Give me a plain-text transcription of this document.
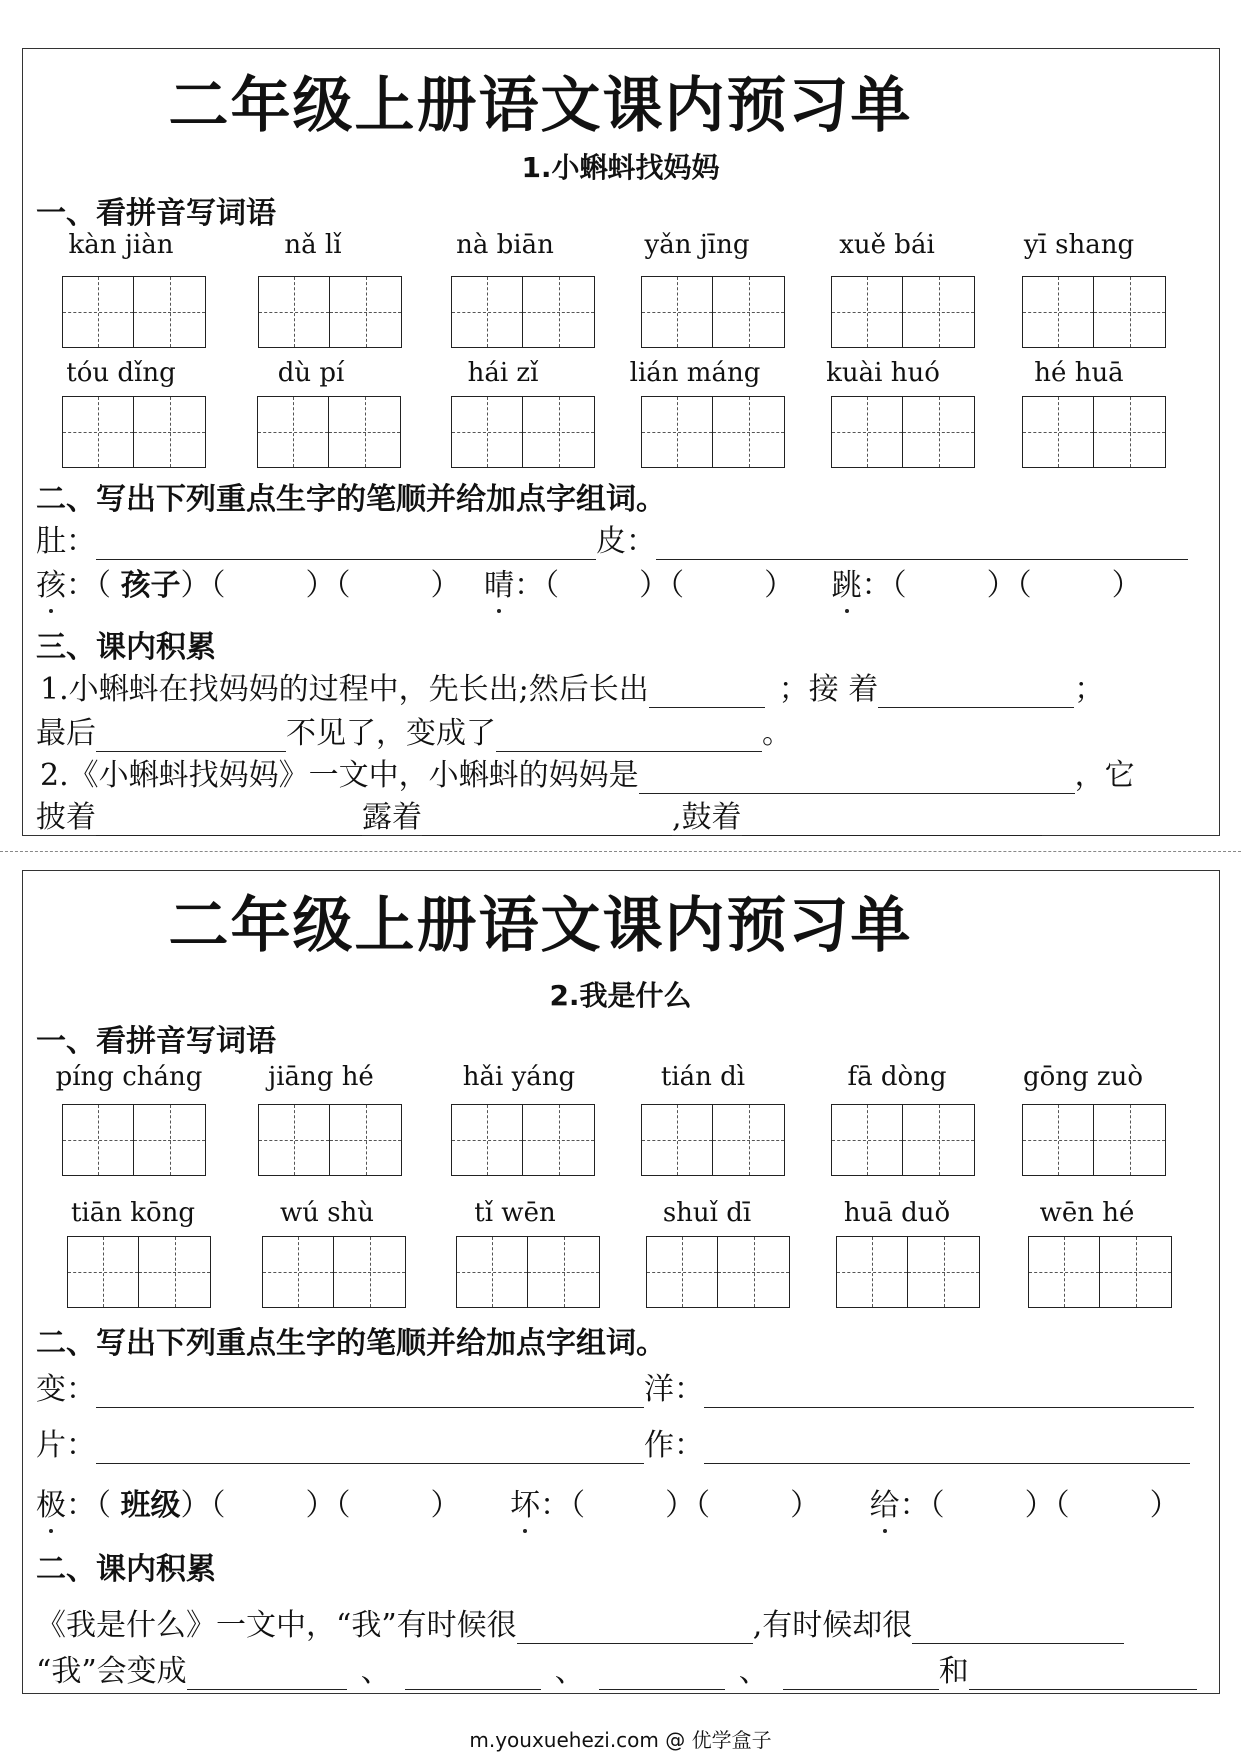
二年级上册语文课内预习单
1.小蝌蚪找妈妈
一、看拼音写词语
kàn jiàn	nǎ lǐ	nà biān	yǎn jīng	xuě bái	yī shang
tóu dǐng	dù pí	hái zǐ	lián máng	kuài huó	hé huā
二、写出下列重点生字的笔顺并给加点字组词。
肚：	皮：
孩：（ 孩子）（	）（	） 晴：（	）（	） 跳：（	）（	）
三、课内积累
1.小蝌蚪在找妈妈的过程中，先长出;然后长出	；接 着	；
最后	不见了，变成了	。
2.《小蝌蚪找妈妈》一文中，小蝌蚪的妈妈是	，它
披着	露着	,鼓着
二年级上册语文课内预习单
2.我是什么
一、看拼音写词语
píng cháng	jiāng hé	hǎi yáng	tián dì	fā dòng	gōng zuò
tiān kōng	wú shù	tǐ wēn	shuǐ dī	huā duǒ	wēn hé
二、写出下列重点生字的笔顺并给加点字组词。
变：	洋：
片：	作：
极：（ 班级）（	）（	） 坏：（	）（	） 给：（	）（	）
二、课内积累
《我是什么》一文中，“我”有时候很	,有时候却很
“我”会变成	、	、	、	和
m.youxuehezi.com @ 优学盒子
